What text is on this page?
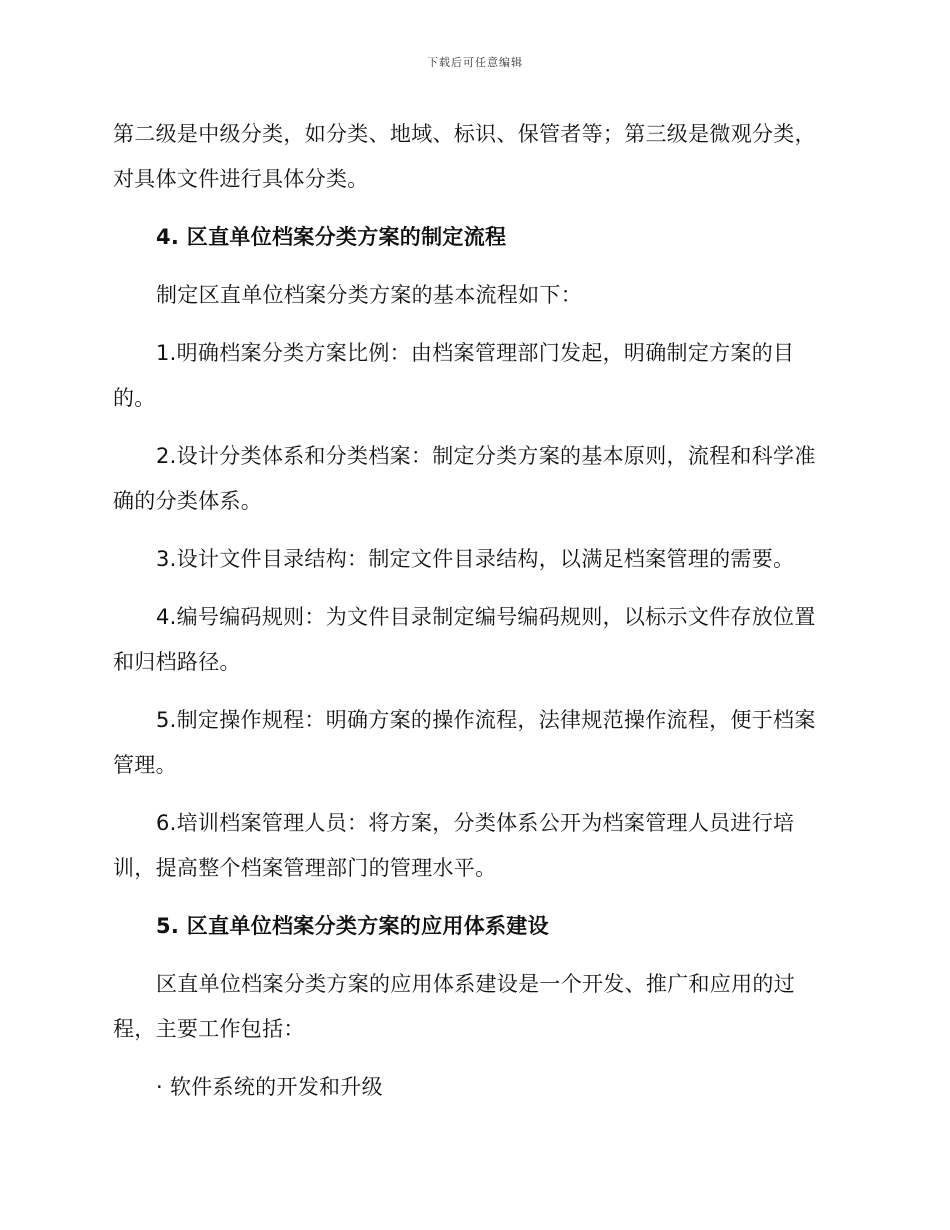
下载后可任意编辑

第二级是中级分类，如分类、地域、标识、保管者等；第三级是微观分类，对具体文件进行具体分类。

4. 区直单位档案分类方案的制定流程

制定区直单位档案分类方案的基本流程如下：

1.明确档案分类方案比例：由档案管理部门发起，明确制定方案的目的。

2.设计分类体系和分类档案：制定分类方案的基本原则，流程和科学准确的分类体系。

3.设计文件目录结构：制定文件目录结构，以满足档案管理的需要。

4.编号编码规则：为文件目录制定编号编码规则，以标示文件存放位置和归档路径。

5.制定操作规程：明确方案的操作流程，法律规范操作流程，便于档案管理。

6.培训档案管理人员：将方案，分类体系公开为档案管理人员进行培训，提高整个档案管理部门的管理水平。

5. 区直单位档案分类方案的应用体系建设

区直单位档案分类方案的应用体系建设是一个开发、推广和应用的过程，主要工作包括：

· 软件系统的开发和升级
